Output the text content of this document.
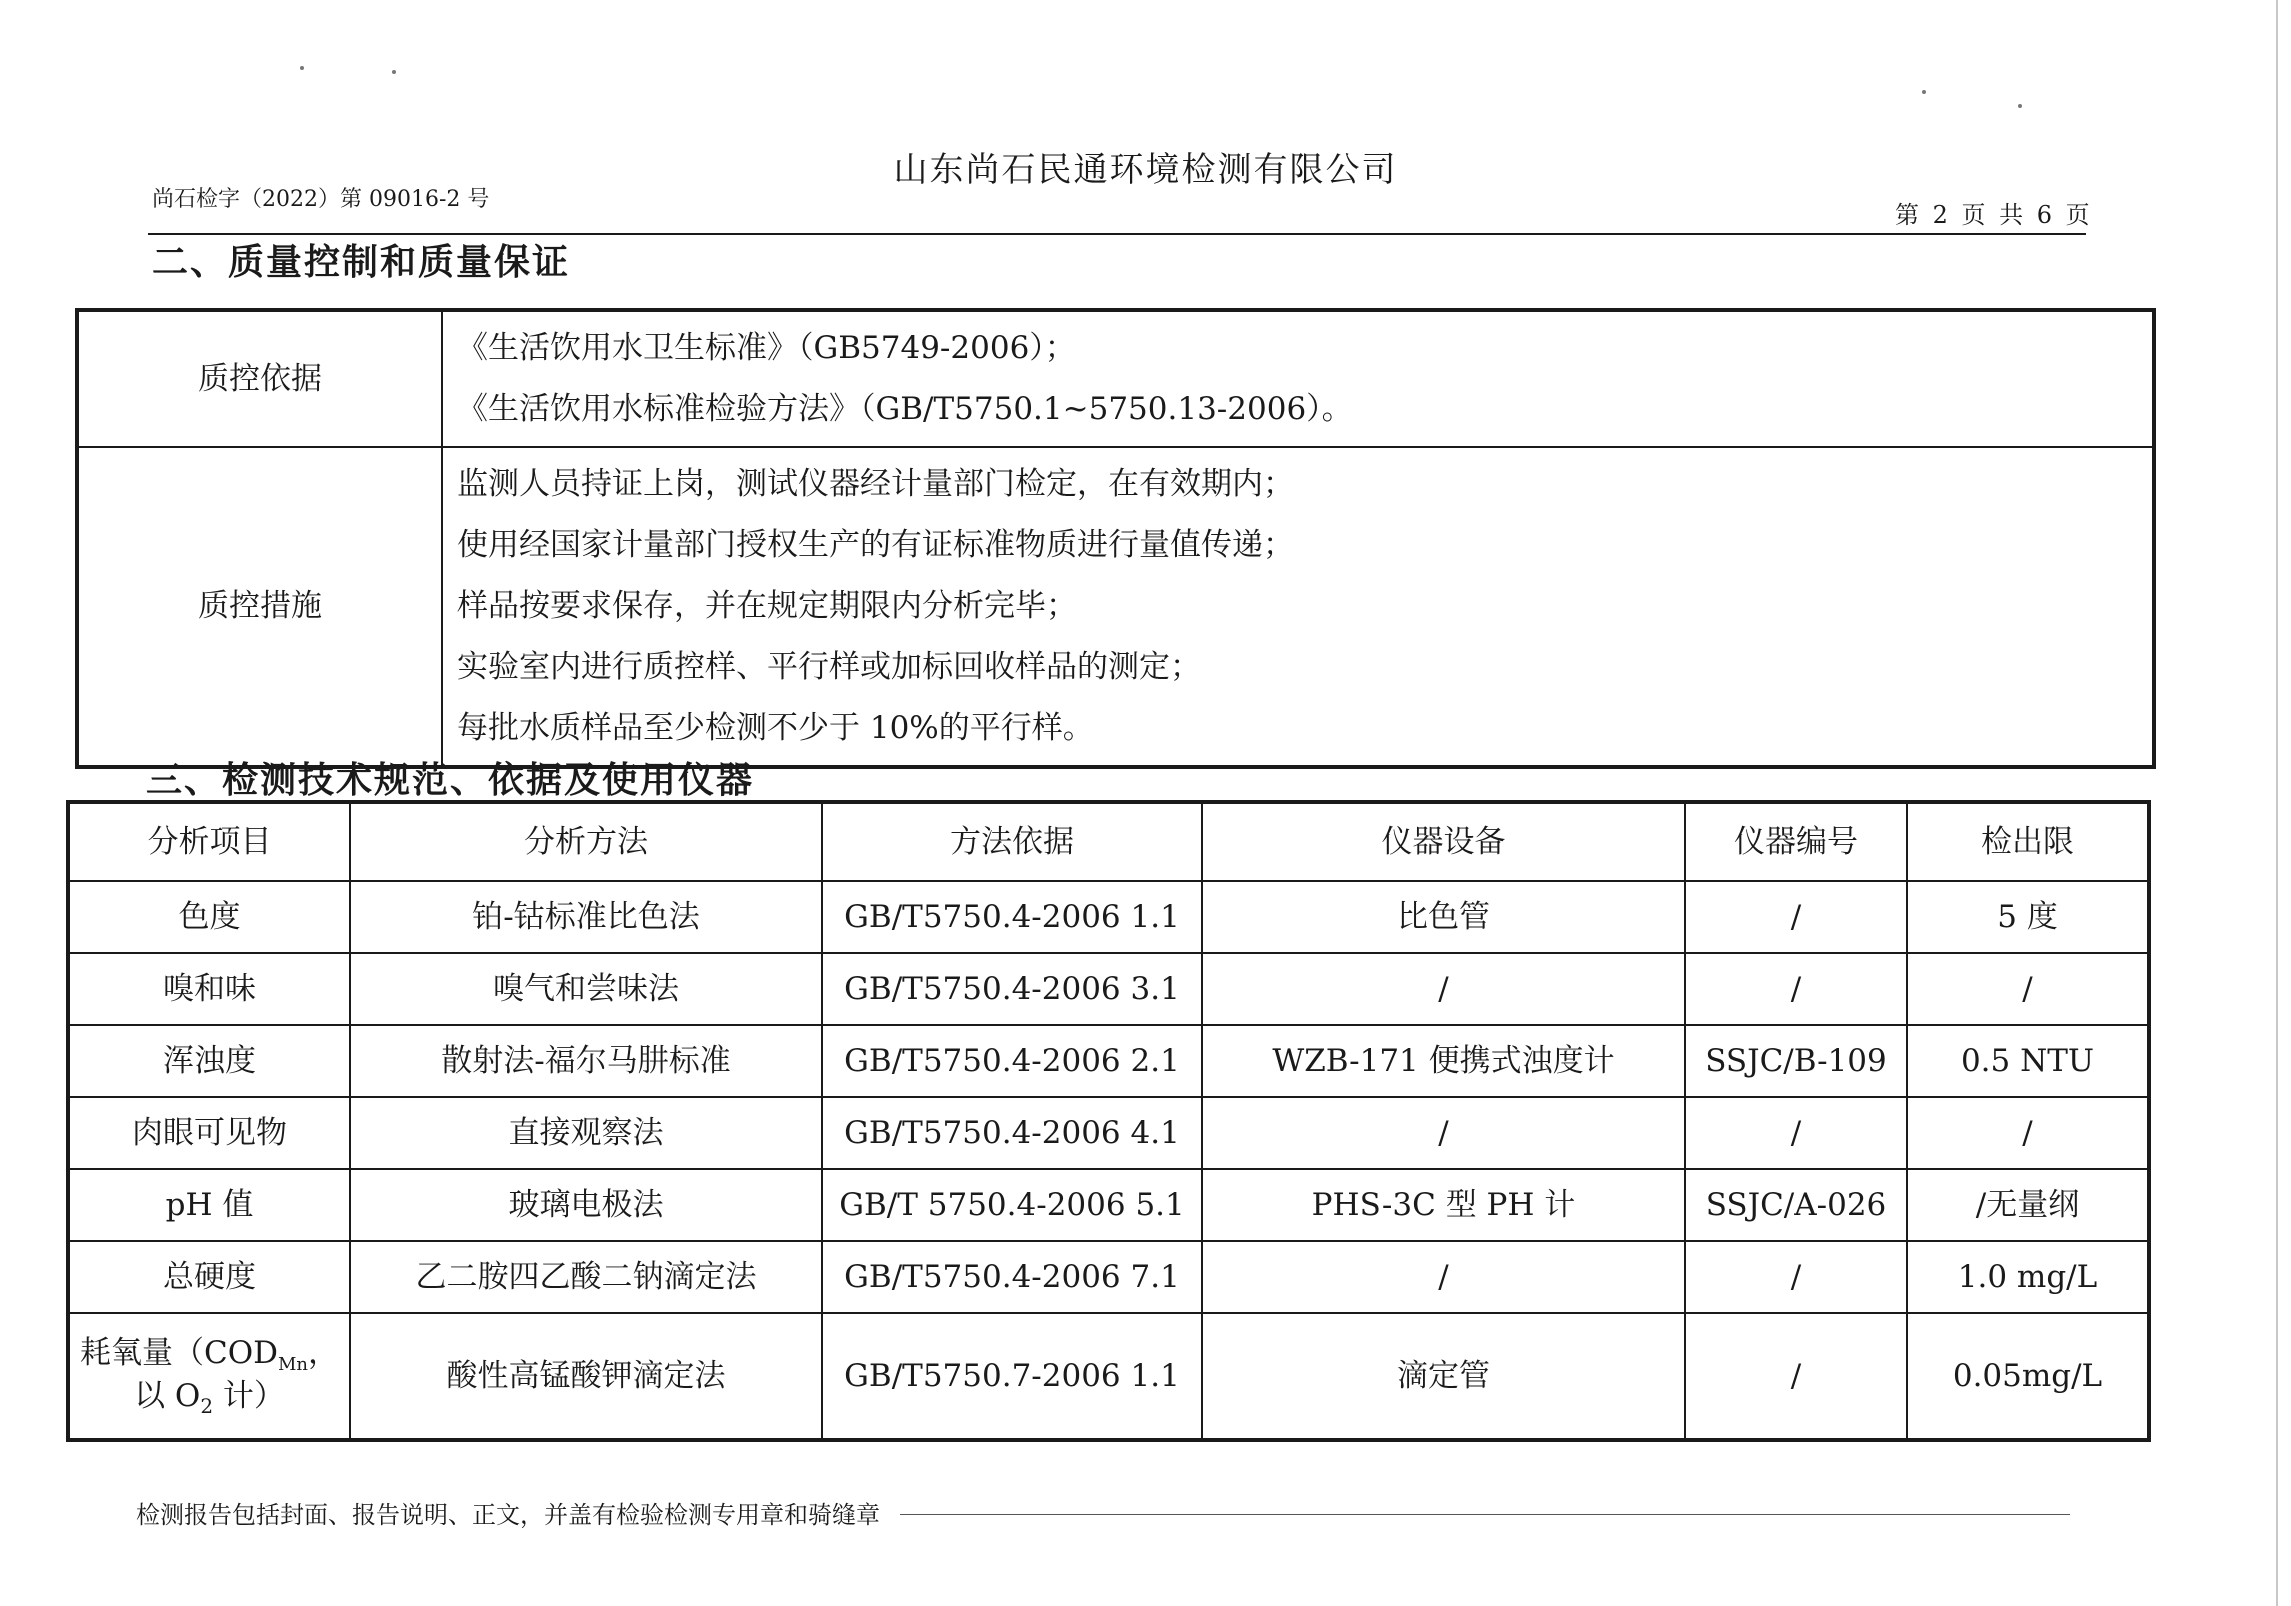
山东尚石民通环境检测有限公司
尚石检字（2022）第 09016-2 号
第 2 页 共 6 页
二、质量控制和质量保证
质控依据	《生活饮用水卫生标准》（GB5749-2006）；
《生活饮用水标准检验方法》（GB/T5750.1~5750.13-2006）。

质控措施	监测人员持证上岗，测试仪器经计量部门检定，在有效期内；
使用经国家计量部门授权生产的有证标准物质进行量值传递；
样品按要求保存，并在规定期限内分析完毕；
实验室内进行质控样、平行样或加标回收样品的测定；
每批水质样品至少检测不少于 10%的平行样。
三、检测技术规范、依据及使用仪器
分析项目	分析方法	方法依据	仪器设备	仪器编号	检出限
色度	铂-钴标准比色法	GB/T5750.4-2006 1.1	比色管	/	5 度
嗅和味	嗅气和尝味法	GB/T5750.4-2006 3.1	/	/	/
浑浊度	散射法-福尔马肼标准	GB/T5750.4-2006 2.1	WZB-171 便携式浊度计	SSJC/B-109	0.5 NTU
肉眼可见物	直接观察法	GB/T5750.4-2006 4.1	/	/	/
pH 值	玻璃电极法	GB/T 5750.4-2006 5.1	PHS-3C 型 PH 计	SSJC/A-026	/无量纲
总硬度	乙二胺四乙酸二钠滴定法	GB/T5750.4-2006 7.1	/	/	1.0 mg/L

耗氧量（$COD_{Mn}$，
以 $O_2$ 计）	酸性高锰酸钾滴定法	GB/T5750.7-2006 1.1	滴定管	/	0.05mg/L
检测报告包括封面、报告说明、正文，并盖有检验检测专用章和骑缝章
